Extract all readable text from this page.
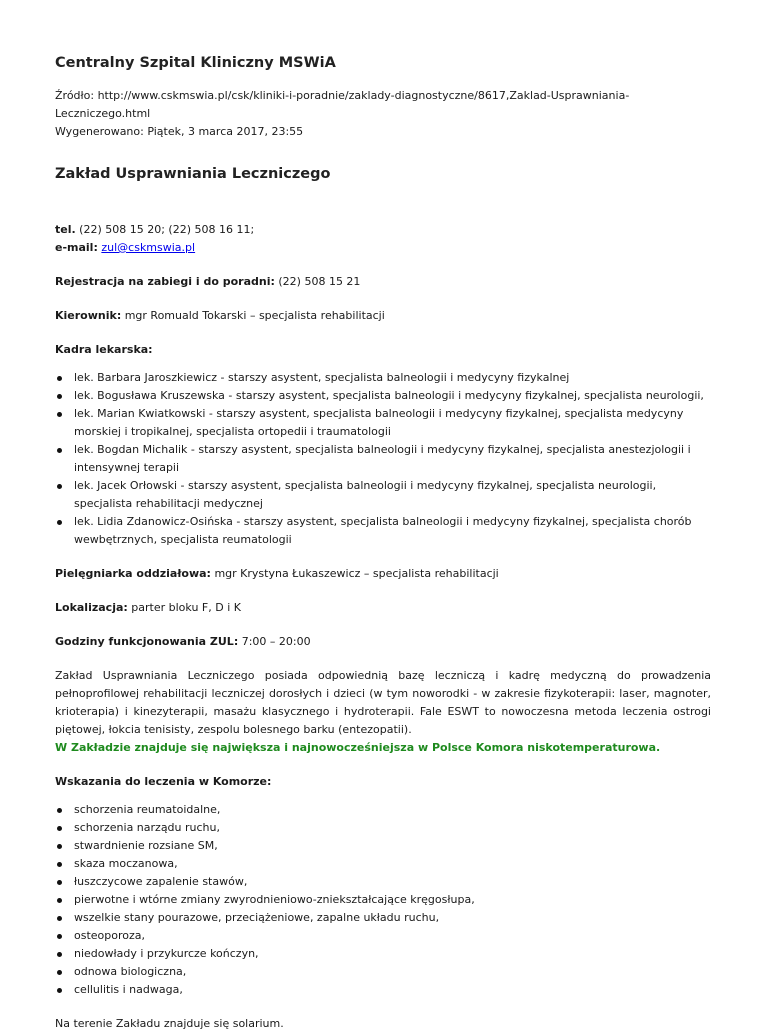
Centralny Szpital Kliniczny MSWiA

Źródło: http://www.cskmswia.pl/csk/kliniki-i-poradnie/zaklady-diagnostyczne/8617,Zaklad-Usprawniania-Leczniczego.html

Wygenerowano: Piątek, 3 marca 2017, 23:55

Zakład Usprawniania Leczniczego

tel. (22) 508 15 20; (22) 508 16 11;

e-mail: zul@cskmswia.pl

Rejestracja na zabiegi i do poradni: (22) 508 15 21

Kierownik: mgr Romuald Tokarski – specjalista rehabilitacji

Kadra lekarska:

lek. Barbara Jaroszkiewicz - starszy asystent, specjalista balneologii i medycyny fizykalnej
lek. Bogusława Kruszewska - starszy asystent, specjalista balneologii i medycyny fizykalnej, specjalista neurologii,
lek. Marian Kwiatkowski - starszy asystent, specjalista balneologii i medycyny fizykalnej, specjalista medycyny morskiej i tropikalnej, specjalista ortopedii i traumatologii
lek. Bogdan Michalik - starszy asystent, specjalista balneologii i medycyny fizykalnej, specjalista anestezjologii i intensywnej terapii
lek. Jacek Orłowski - starszy asystent, specjalista balneologii i medycyny fizykalnej, specjalista neurologii, specjalista rehabilitacji medycznej
lek. Lidia Zdanowicz-Osińska - starszy asystent, specjalista balneologii i medycyny fizykalnej, specjalista chorób wewbętrznych, specjalista reumatologii

Pielęgniarka oddziałowa: mgr Krystyna Łukaszewicz – specjalista rehabilitacji

Lokalizacja: parter bloku F, D i K

Godziny funkcjonowania ZUL: 7:00 – 20:00

Zakład Usprawniania Leczniczego posiada odpowiednią bazę leczniczą i kadrę medyczną do prowadzenia pełnoprofilowej rehabilitacji leczniczej dorosłych i dzieci (w tym noworodki - w zakresie fizykoterapii: laser, magnoter, krioterapia) i kinezyterapii, masażu klasycznego i hydroterapii. Fale ESWT to nowoczesna metoda leczenia ostrogi piętowej, łokcia tenisisty, zespolu bolesnego barku (entezopatii).

W Zakładzie znajduje się największa i najnowocześniejsza w Polsce Komora niskotemperaturowa.

Wskazania do leczenia w Komorze:

schorzenia reumatoidalne,
schorzenia narządu ruchu,
stwardnienie rozsiane SM,
skaza moczanowa,
łuszczycowe zapalenie stawów,
pierwotne i wtórne zmiany zwyrodnieniowo-zniekształcające kręgosłupa,
wszelkie stany pourazowe, przeciążeniowe, zapalne układu ruchu,
osteoporoza,
niedowłady i przykurcze kończyn,
odnowa biologiczna,
cellulitis i nadwaga,

Na terenie Zakładu znajduje się solarium.
